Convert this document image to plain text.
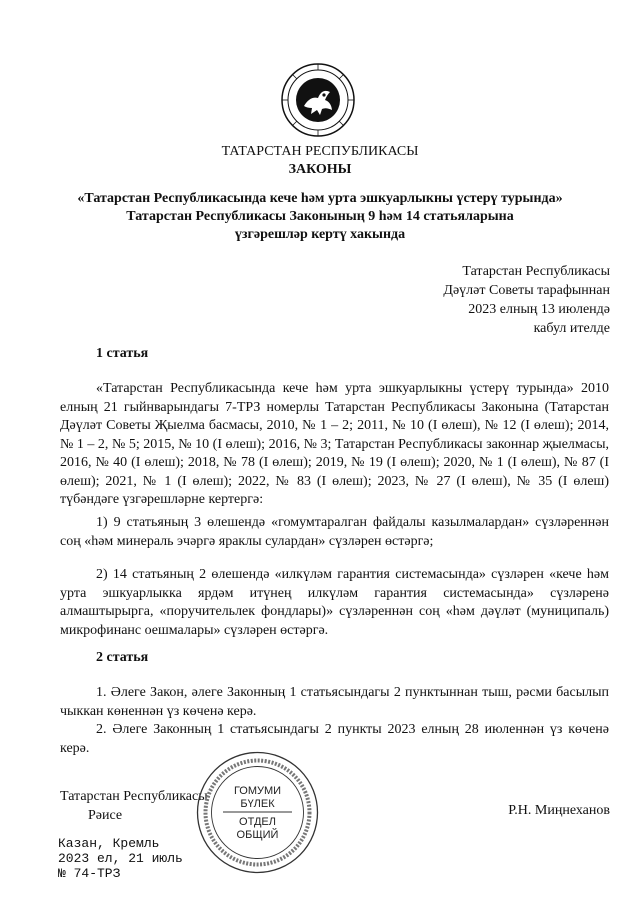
ТАТАРСТАН РЕСПУБЛИКАСЫ
ЗАКОНЫ
«Татарстан Республикасында кече һәм урта эшкуарлыкны үстерү турында»
Татарстан Республикасы Законының 9 һәм 14 статьяларына
үзгәрешләр кертү хакында
Татарстан Республикасы
Дәүләт Советы тарафыннан
2023 елның 13 июлендә
кабул ителде
1 статья
«Татарстан Республикасында кече һәм урта эшкуарлыкны үстерү турында» 2010 елның 21 гыйнварындагы 7-ТРЗ номерлы Татарстан Республикасы Законына (Татарстан Дәүләт Советы Җыелма басмасы, 2010, № 1 – 2; 2011, № 10 (I өлеш), № 12 (I өлеш); 2014, № 1 – 2, № 5; 2015, № 10 (I өлеш); 2016, № 3; Татарстан Республикасы законнар җыелмасы, 2016, № 40 (I өлеш); 2018, № 78 (I өлеш); 2019, № 19 (I өлеш); 2020, № 1 (I өлеш), № 87 (I өлеш); 2021, № 1 (I өлеш); 2022, № 83 (I өлеш); 2023, № 27 (I өлеш), № 35 (I өлеш) түбәндәге үзгәрешләрне кертергә:
1) 9 статьяның 3 өлешендә «гомумтаралган файдалы казылмалардан» сүзләреннән соң «һәм минераль эчәргә яраклы сулардан» сүзләрен өстәргә;
2) 14 статьяның 2 өлешендә «илкүләм гарантия системасында» сүзләрен «кече һәм урта эшкуарлыкка ярдәм итүнең илкүләм гарантия системасында» сүзләренә алмаштырырга, «поручительлек фондлары)» сүзләреннән соң «һәм дәүләт (муниципаль) микрофинанс оешмалары» сүзләрен өстәргә.
2 статья
1. Әлеге Закон, әлеге Законның 1 статьясындагы 2 пунктыннан тыш, рәсми басылып чыккан көненнән үз көченә керә.
2. Әлеге Законның 1 статьясындагы 2 пункты 2023 елның 28 июленнән үз көченә керә.
Татарстан Республикасы
Рәисе	Р.Н. Миңнеханов
ГОМУМИ
БҮЛЕК
ОТДЕЛ
ОБЩИЙ
Казан, Кремль
2023 ел, 21 июль
№ 74-ТРЗ
